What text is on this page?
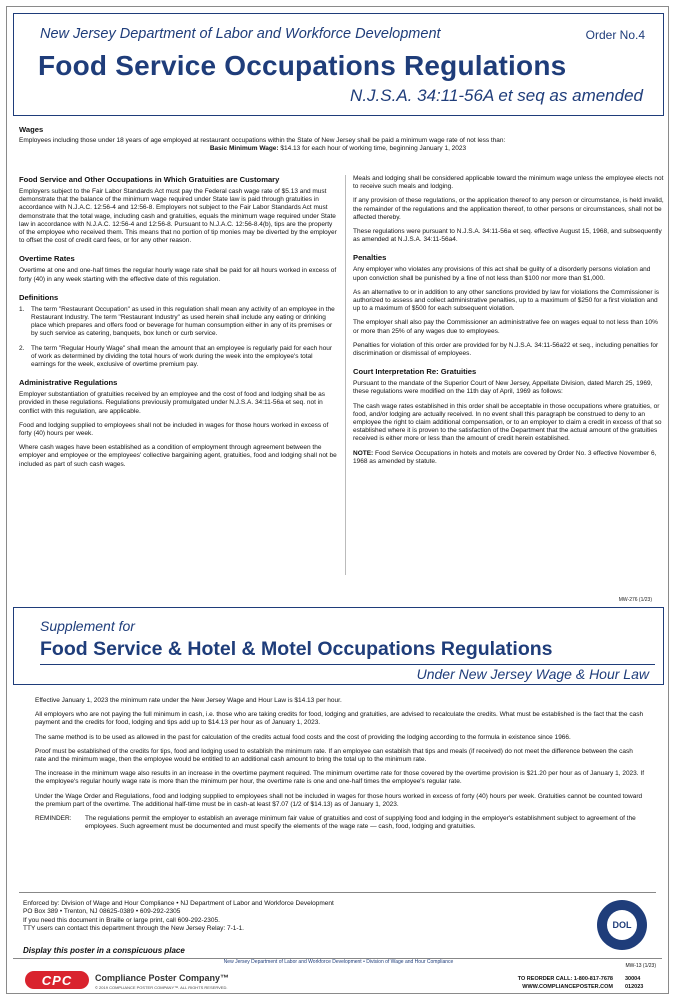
New Jersey Department of Labor and Workforce Development	Order No.4
Food Service Occupations Regulations
N.J.S.A. 34:11-56A et seq as amended
Wages
Employees including those under 18 years of age employed at restaurant occupations within the State of New Jersey shall be paid a minimum wage rate of not less than:
Basic Minimum Wage: $14.13 for each hour of working time, beginning January 1, 2023
Food Service and Other Occupations in Which Gratuities are Customary
Employers subject to the Fair Labor Standards Act must pay the Federal cash wage rate of $5.13 and must demonstrate that the balance of the minimum wage required under State law is paid through gratuities in accordance with N.J.A.C. 12:56-4 and 12:56-8. Employers not subject to the Fair Labor Standards Act must demonstrate that the total wage, including cash and gratuities, equals the minimum wage required under State law in accordance with N.J.A.C. 12:56-4 and 12:56-8. Pursuant to N.J.A.C. 12:56-8.4(b), tips are the property of the employee who received them. This means that no portion of tip monies may be diverted by the employer to offset the cost of credit card fees, or for any other reason.
Overtime Rates
Overtime at one and one-half times the regular hourly wage rate shall be paid for all hours worked in excess of forty (40) in any week starting with the effective date of this regulation.
Definitions
1.	The term "Restaurant Occupation" as used in this regulation shall mean any activity of an employee in the Restaurant Industry. The term "Restaurant Industry" as used herein shall include any eating or drinking place which prepares and offers food or beverage for human consumption either in any of its premises or by such service as catering, banquets, box lunch or curb service.
2.	The term "Regular Hourly Wage" shall mean the amount that an employee is regularly paid for each hour of work as determined by dividing the total hours of work during the week into the employee's total earnings for the week, exclusive of overtime premium pay.
Administrative Regulations
Employer substantiation of gratuities received by an employee and the cost of food and lodging shall be as provided in these regulations. Regulations previously promulgated under N.J.S.A. 34:11-56a et seq. not in conflict with this regulation, are applicable.
Food and lodging supplied to employees shall not be included in wages for those hours worked in excess of forty (40) hours per week.
Where cash wages have been established as a condition of employment through agreement between the employer and employee or the employees' collective bargaining agent, gratuities, food and lodging shall not be included as part of such cash wages.
Meals and lodging shall be considered applicable toward the minimum wage unless the employee elects not to receive such meals and lodging.
If any provision of these regulations, or the application thereof to any person or circumstance, is held invalid, the remainder of the regulations and the application thereof, to other persons or circumstances, shall not be affected thereby.
These regulations were pursuant to N.J.S.A. 34:11-56a et seq. effective August 15, 1968, and subsequently as amended at N.J.S.A. 34:11-56a4.
Penalties
Any employer who violates any provisions of this act shall be guilty of a disorderly persons violation and upon conviction shall be punished by a fine of not less than $100 nor more than $1,000.
As an alternative to or in addition to any other sanctions provided by law for violations the Commissioner is authorized to assess and collect administrative penalties, up to a maximum of $250 for a first violation and up to a maximum of $500 for each subsequent violation.
The employer shall also pay the Commissioner an administrative fee on wages equal to not less than 10% or more than 25% of any wages due to employees.
Penalties for violation of this order are provided for by N.J.S.A. 34:11-56a22 et seq., including penalties for discrimination or dismissal of employees.
Court Interpretation Re: Gratuities
Pursuant to the mandate of the Superior Court of New Jersey, Appellate Division, dated March 25, 1969, these regulations were modified on the 11th day of April, 1969 as follows:
The cash wage rates established in this order shall be acceptable in those occupations where gratuities, or food, and/or lodging are actually received. In no event shall this paragraph be construed to deny to an employee the right to claim additional compensation, or to an employer to claim a credit in excess of that so established where it is proven to the satisfaction of the Department that the actual amount of the gratuities received is either more or less than the amount of credit herein established.
NOTE: Food Service Occupations in hotels and motels are covered by Order No. 3 effective November 6, 1968 as amended by statute.
MW-276 (1/23)
Supplement for
Food Service & Hotel & Motel Occupations Regulations
Under New Jersey Wage & Hour Law
Effective January 1, 2023 the minimum rate under the New Jersey Wage and Hour Law is $14.13 per hour.
All employers who are not paying the full minimum in cash, i.e. those who are taking credits for food, lodging and gratuities, are advised to recalculate the credits. What must be established is the fact that the cash payment and the credits for food, lodging and tips add up to $14.13 per hour as of January 1, 2023.
The same method is to be used as allowed in the past for calculation of the credits actual food costs and the cost of providing the lodging according to the formula in existence since 1966.
Proof must be established of the credits for tips, food and lodging used to establish the minimum rate. If an employee can establish that tips and meals (if received) do not meet the difference between the cash rate and the minimum wage, then the employee would be entitled to an additional cash amount to bring the total up to the minimum rate.
The increase in the minimum wage also results in an increase in the overtime payment required. The minimum overtime rate for those covered by the overtime provision is $21.20 per hour as of January 1, 2023. If the employee's regular hourly wage rate is more than the minimum per hour, the overtime rate is one and one-half times the employee's regular rate.
Under the Wage Order and Regulations, food and lodging supplied to employees shall not be included in wages for those hours worked in excess of forty (40) hours per week. Gratuities cannot be counted toward the premium part of the overtime. The additional half-time must be in cash-at least $7.07 (1/2 of $14.13) as of January 1, 2023.
REMINDER:	The regulations permit the employer to establish an average minimum fair value of gratuities and cost of supplying food and lodging in the employer's establishment subject to agreement of the employees. Such agreement must be documented and must specify the elements of the wage rate — cash, food, lodging and gratuities.
Enforced by: Division of Wage and Hour Compliance • NJ Department of Labor and Workforce Development
PO Box 389 • Trenton, NJ 08625-0389 • 609-292-2305
If you need this document in Braille or large print, call 609-292-2305.
TTY users can contact this department through the New Jersey Relay: 7-1-1.
Display this poster in a conspicuous place
DOL
New Jersey Department of Labor and Workforce Development • Division of Wage and Hour Compliance
MW-13 (1/23)
CPC	Compliance Poster Company™
© 2019 COMPLIANCE POSTER COMPANY™. ALL RIGHTS RESERVED.
TO REORDER CALL: 1-800-817-7678
WWW.COMPLIANCEPOSTER.COM
30004
012023
